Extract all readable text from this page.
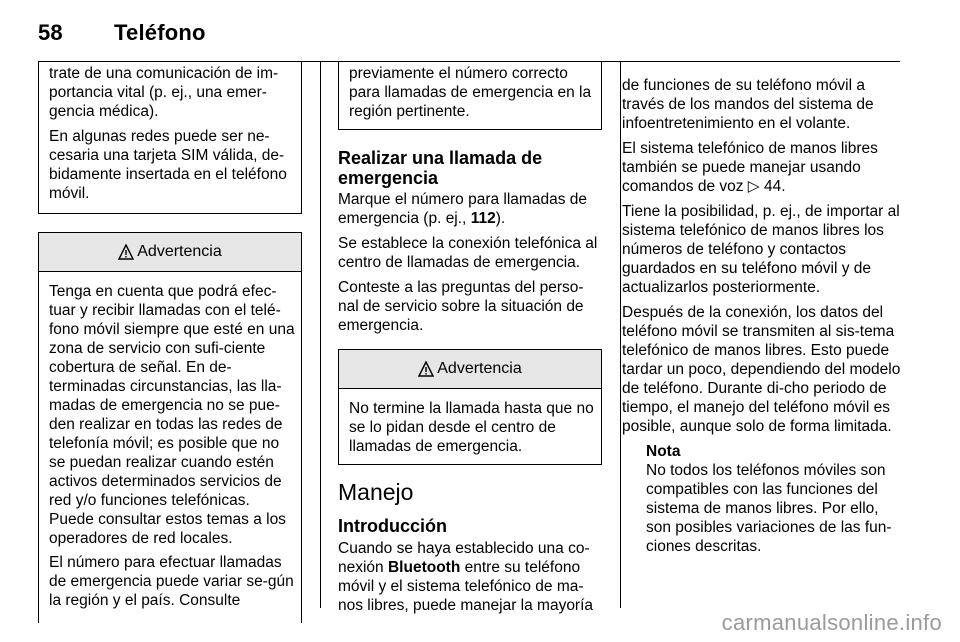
58 Teléfono

trate de una comunicación de im-portancia vital (p. ej., una emer-gencia médica).

En algunas redes puede ser ne-cesaria una tarjeta SIM válida, de-bidamente insertada en el teléfono móvil.

Advertencia

Tenga en cuenta que podrá efec-tuar y recibir llamadas con el telé-fono móvil siempre que esté en una zona de servicio con sufi-ciente cobertura de señal. En de-terminadas circunstancias, las lla-madas de emergencia no se pue-den realizar en todas las redes de telefonía móvil; es posible que no se puedan realizar cuando estén activos determinados servicios de red y/o funciones telefónicas. Puede consultar estos temas a los operadores de red locales.

El número para efectuar llamadas de emergencia puede variar se-gún la región y el país. Consulte

previamente el número correcto para llamadas de emergencia en la región pertinente.

Realizar una llamada de emergencia

Marque el número para llamadas de emergencia (p. ej., 112).

Se establece la conexión telefónica al centro de llamadas de emergencia.

Conteste a las preguntas del perso-nal de servicio sobre la situación de emergencia.

Advertencia

No termine la llamada hasta que no se lo pidan desde el centro de llamadas de emergencia.

Manejo
Introducción

Cuando se haya establecido una co-nexión Bluetooth entre su teléfono móvil y el sistema telefónico de ma-nos libres, puede manejar la mayoría

de funciones de su teléfono móvil a través de los mandos del sistema de infoentretenimiento en el volante.

El sistema telefónico de manos libres también se puede manejar usando comandos de voz ▷ 44.

Tiene la posibilidad, p. ej., de importar al sistema telefónico de manos libres los números de teléfono y contactos guardados en su teléfono móvil y de actualizarlos posteriormente.

Después de la conexión, los datos del teléfono móvil se transmiten al sis-tema telefónico de manos libres. Esto puede tardar un poco, dependiendo del modelo de teléfono. Durante di-cho periodo de tiempo, el manejo del teléfono móvil es posible, aunque solo de forma limitada.

Nota

No todos los teléfonos móviles son compatibles con las funciones del sistema de manos libres. Por ello, son posibles variaciones de las fun-ciones descritas.

carmanualsonline.info
